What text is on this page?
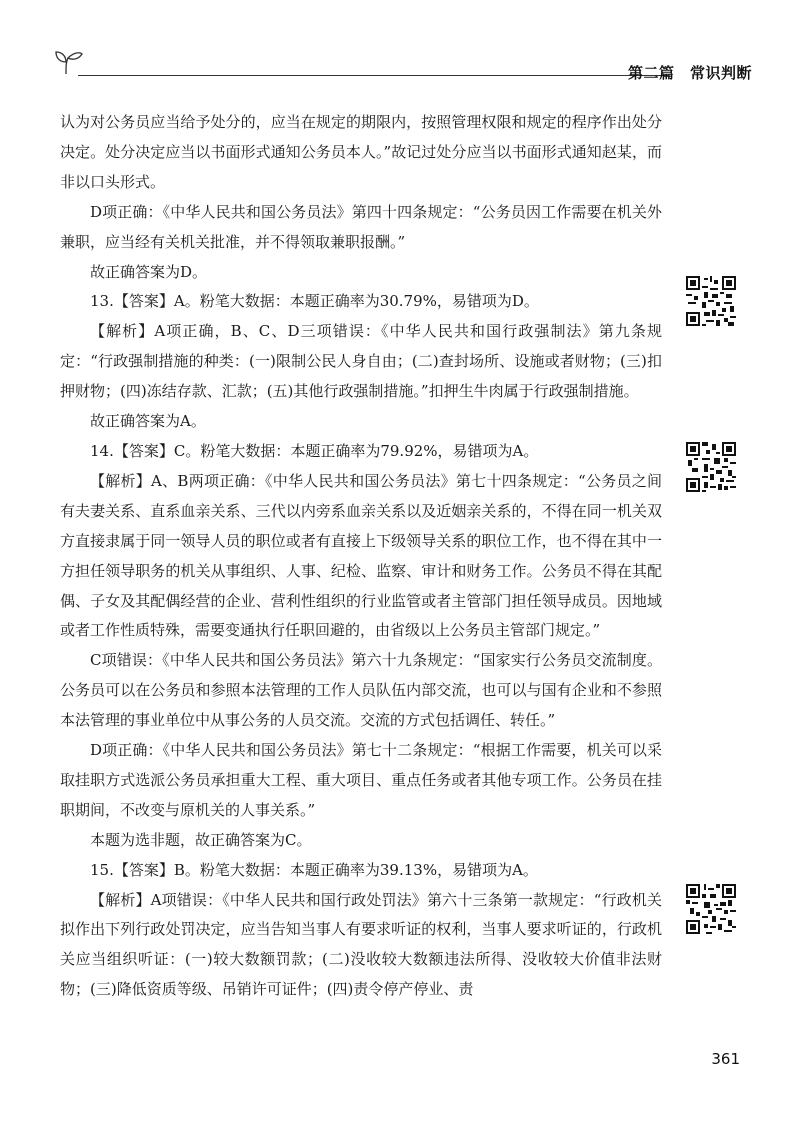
第二篇　常识判断

认为对公务员应当给予处分的，应当在规定的期限内，按照管理权限和规定的程序作出处分决定。处分决定应当以书面形式通知公务员本人。”故记过处分应当以书面形式通知赵某，而非以口头形式。

D项正确：《中华人民共和国公务员法》第四十四条规定：“公务员因工作需要在机关外兼职，应当经有关机关批准，并不得领取兼职报酬。”

故正确答案为D。

13.【答案】A。粉笔大数据：本题正确率为30.79%，易错项为D。

【解析】A项正确，B、C、D三项错误：《中华人民共和国行政强制法》第九条规定：“行政强制措施的种类：(一)限制公民人身自由；(二)查封场所、设施或者财物；(三)扣押财物；(四)冻结存款、汇款；(五)其他行政强制措施。”扣押生牛肉属于行政强制措施。

故正确答案为A。

14.【答案】C。粉笔大数据：本题正确率为79.92%，易错项为A。

【解析】A、B两项正确：《中华人民共和国公务员法》第七十四条规定：“公务员之间有夫妻关系、直系血亲关系、三代以内旁系血亲关系以及近姻亲关系的，不得在同一机关双方直接隶属于同一领导人员的职位或者有直接上下级领导关系的职位工作，也不得在其中一方担任领导职务的机关从事组织、人事、纪检、监察、审计和财务工作。公务员不得在其配偶、子女及其配偶经营的企业、营利性组织的行业监管或者主管部门担任领导成员。因地域或者工作性质特殊，需要变通执行任职回避的，由省级以上公务员主管部门规定。”

C项错误：《中华人民共和国公务员法》第六十九条规定：“国家实行公务员交流制度。公务员可以在公务员和参照本法管理的工作人员队伍内部交流，也可以与国有企业和不参照本法管理的事业单位中从事公务的人员交流。交流的方式包括调任、转任。”

D项正确：《中华人民共和国公务员法》第七十二条规定：“根据工作需要，机关可以采取挂职方式选派公务员承担重大工程、重大项目、重点任务或者其他专项工作。公务员在挂职期间，不改变与原机关的人事关系。”

本题为选非题，故正确答案为C。

15.【答案】B。粉笔大数据：本题正确率为39.13%，易错项为A。

【解析】A项错误：《中华人民共和国行政处罚法》第六十三条第一款规定：“行政机关拟作出下列行政处罚决定，应当告知当事人有要求听证的权利，当事人要求听证的，行政机关应当组织听证：(一)较大数额罚款；(二)没收较大数额违法所得、没收较大价值非法财物；(三)降低资质等级、吊销许可证件；(四)责令停产停业、责

361
